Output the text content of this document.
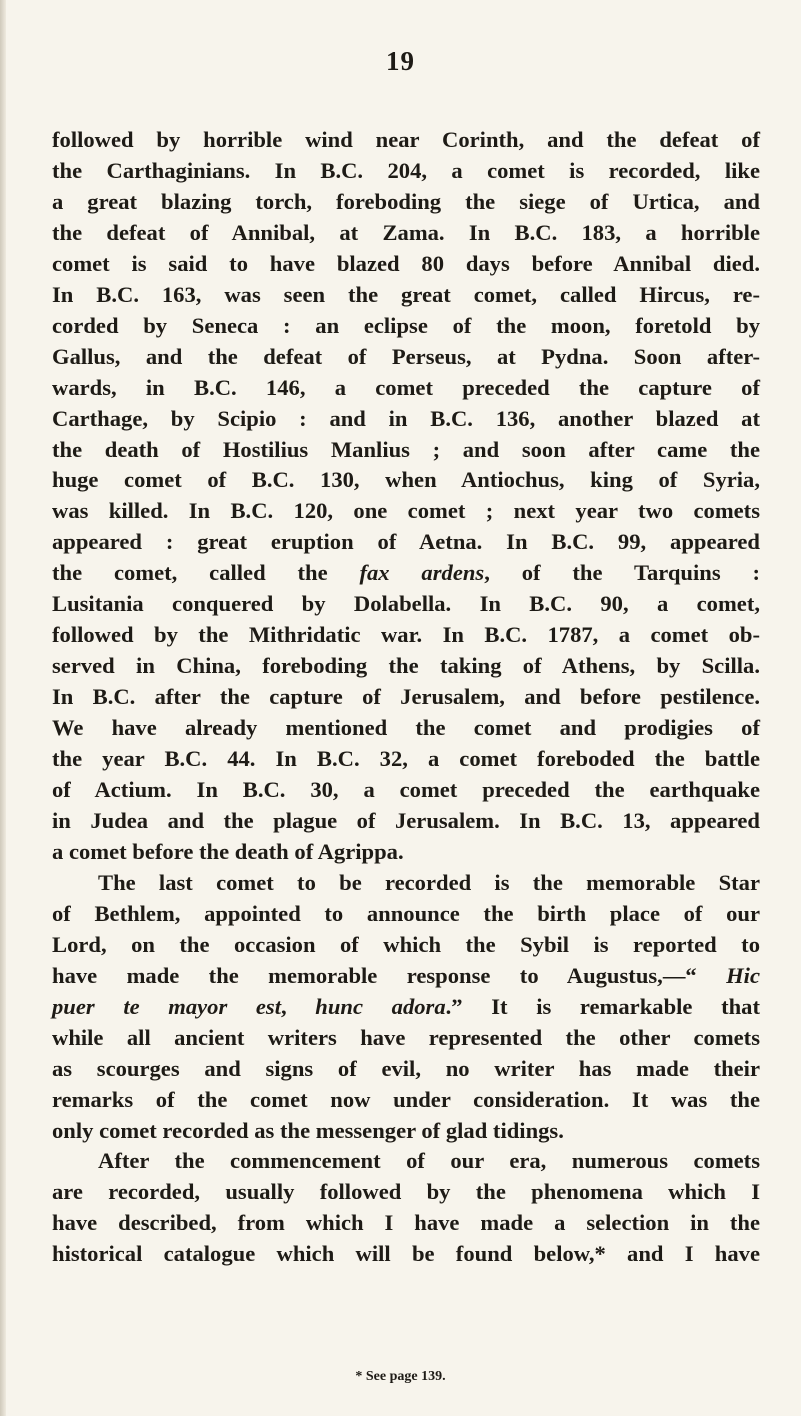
19
followed by horrible wind near Corinth, and the defeat of
the Carthaginians. In B.C. 204, a comet is recorded, like
a great blazing torch, foreboding the siege of Urtica, and
the defeat of Annibal, at Zama. In B.C. 183, a horrible
comet is said to have blazed 80 days before Annibal died.
In B.C. 163, was seen the great comet, called Hircus, re-
corded by Seneca : an eclipse of the moon, foretold by
Gallus, and the defeat of Perseus, at Pydna. Soon after-
wards, in B.C. 146, a comet preceded the capture of
Carthage, by Scipio : and in B.C. 136, another blazed at
the death of Hostilius Manlius ; and soon after came the
huge comet of B.C. 130, when Antiochus, king of Syria,
was killed. In B.C. 120, one comet ; next year two comets
appeared : great eruption of Aetna. In B.C. 99, appeared
the comet, called the fax ardens, of the Tarquins :
Lusitania conquered by Dolabella. In B.C. 90, a comet,
followed by the Mithridatic war. In B.C. 1787, a comet ob-
served in China, foreboding the taking of Athens, by Scilla.
In B.C. after the capture of Jerusalem, and before pestilence.
We have already mentioned the comet and prodigies of
the year B.C. 44. In B.C. 32, a comet foreboded the battle
of Actium. In B.C. 30, a comet preceded the earthquake
in Judea and the plague of Jerusalem. In B.C. 13, appeared
a comet before the death of Agrippa.
The last comet to be recorded is the memorable Star
of Bethlem, appointed to announce the birth place of our
Lord, on the occasion of which the Sybil is reported to
have made the memorable response to Augustus,—“ Hic
puer te mayor est, hunc adora.” It is remarkable that
while all ancient writers have represented the other comets
as scourges and signs of evil, no writer has made their
remarks of the comet now under consideration. It was the
only comet recorded as the messenger of glad tidings.
After the commencement of our era, numerous comets
are recorded, usually followed by the phenomena which I
have described, from which I have made a selection in the
historical catalogue which will be found below,* and I have
* See page 139.
